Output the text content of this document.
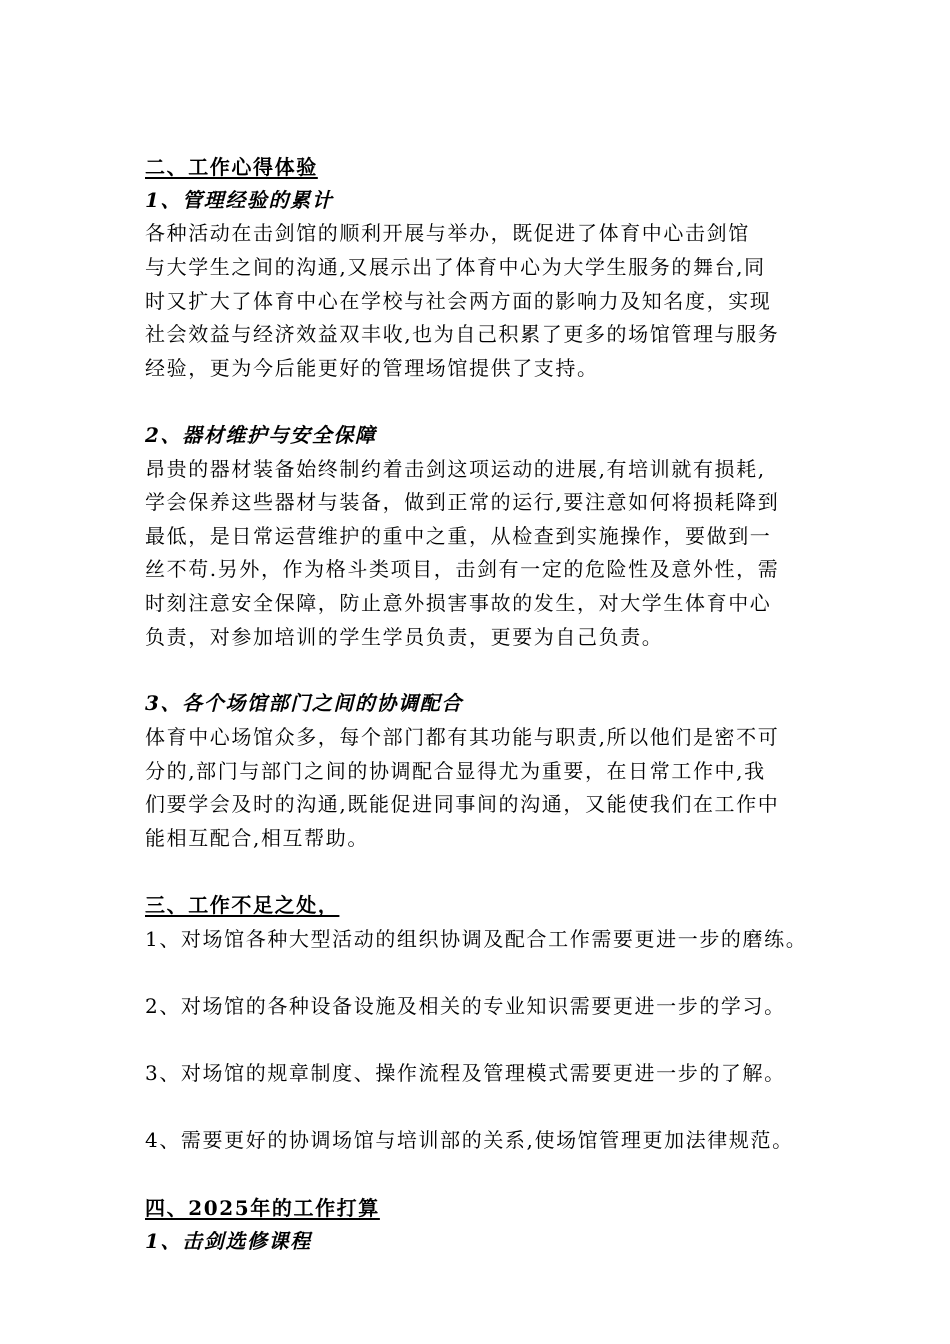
二、工作心得体验
1、管理经验的累计
各种活动在击剑馆的顺利开展与举办，既促进了体育中心击剑馆
与大学生之间的沟通,又展示出了体育中心为大学生服务的舞台,同
时又扩大了体育中心在学校与社会两方面的影响力及知名度，实现
社会效益与经济效益双丰收,也为自己积累了更多的场馆管理与服务
经验，更为今后能更好的管理场馆提供了支持。
2、器材维护与安全保障
昂贵的器材装备始终制约着击剑这项运动的进展,有培训就有损耗,
学会保养这些器材与装备，做到正常的运行,要注意如何将损耗降到
最低，是日常运营维护的重中之重，从检查到实施操作，要做到一
丝不苟.另外，作为格斗类项目，击剑有一定的危险性及意外性，需
时刻注意安全保障，防止意外损害事故的发生，对大学生体育中心
负责，对参加培训的学生学员负责，更要为自己负责。
3、各个场馆部门之间的协调配合
体育中心场馆众多，每个部门都有其功能与职责,所以他们是密不可
分的,部门与部门之间的协调配合显得尤为重要，在日常工作中,我
们要学会及时的沟通,既能促进同事间的沟通，又能使我们在工作中
能相互配合,相互帮助。
三、工作不足之处，
1、对场馆各种大型活动的组织协调及配合工作需要更进一步的磨练。
2、对场馆的各种设备设施及相关的专业知识需要更进一步的学习。
3、对场馆的规章制度、操作流程及管理模式需要更进一步的了解。
4、需要更好的协调场馆与培训部的关系,使场馆管理更加法律规范。
四、2025年的工作打算
1、击剑选修课程
